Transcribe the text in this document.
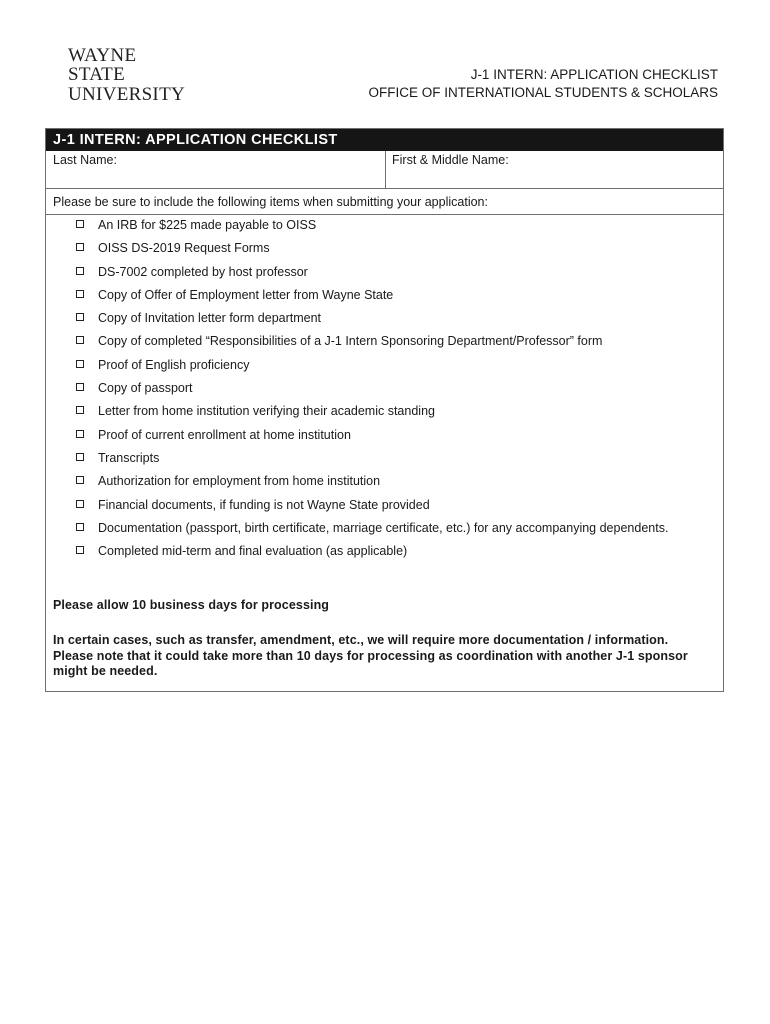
WAYNE STATE
UNIVERSITY
J-1 INTERN: APPLICATION CHECKLIST
OFFICE OF INTERNATIONAL STUDENTS & SCHOLARS
J-1 INTERN: APPLICATION CHECKLIST
Last Name:	First & Middle Name:
Please be sure to include the following items when submitting your application:
An IRB for $225 made payable to OISS
OISS DS-2019 Request Forms
DS-7002 completed by host professor
Copy of Offer of Employment letter from Wayne State
Copy of Invitation letter form department
Copy of completed “Responsibilities of a J-1 Intern Sponsoring Department/Professor” form
Proof of English proficiency
Copy of passport
Letter from home institution verifying their academic standing
Proof of current enrollment at home institution
Transcripts
Authorization for employment from home institution
Financial documents, if funding is not Wayne State provided
Documentation (passport, birth certificate, marriage certificate, etc.) for any accompanying dependents.
Completed mid-term and final evaluation (as applicable)
Please allow 10 business days for processing
In certain cases, such as transfer, amendment, etc., we will require more documentation / information. Please note that it could take more than 10 days for processing as coordination with another J-1 sponsor might be needed.
